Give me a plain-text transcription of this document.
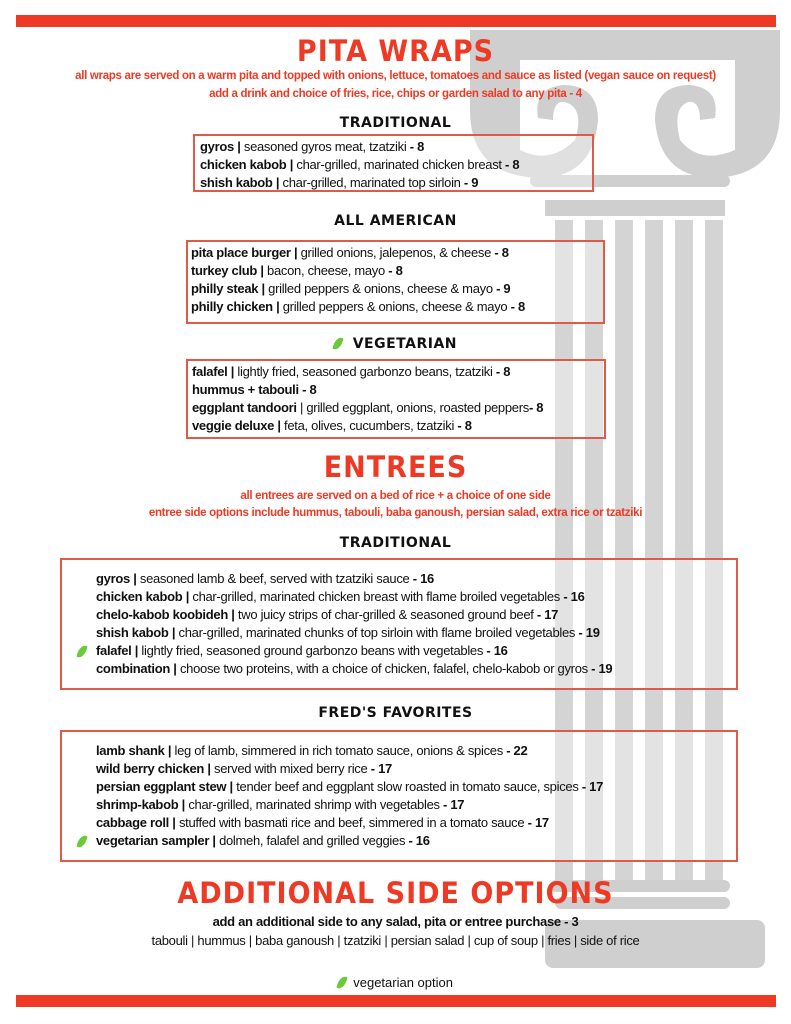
PITA WRAPS
all wraps are served on a warm pita and topped with onions, lettuce, tomatoes and sauce as listed (vegan sauce on request)
add a drink and choice of fries, rice, chips or garden salad to any pita - 4
TRADITIONAL
gyros | seasoned gyros meat, tzatziki - 8
chicken kabob | char-grilled, marinated chicken breast - 8
shish kabob | char-grilled, marinated top sirloin - 9
ALL AMERICAN
pita place burger | grilled onions, jalepenos, & cheese - 8
turkey club | bacon, cheese, mayo - 8
philly steak | grilled peppers & onions, cheese & mayo - 9
philly chicken | grilled peppers & onions, cheese & mayo - 8
VEGETARIAN
falafel | lightly fried, seasoned garbonzo beans, tzatziki - 8
hummus + tabouli - 8
eggplant tandoori | grilled eggplant, onions, roasted peppers- 8
veggie deluxe | feta, olives, cucumbers, tzatziki - 8
ENTREES
all entrees are served on a bed of rice + a choice of one side
entree side options include hummus, tabouli, baba ganoush, persian salad, extra rice or tzatziki
TRADITIONAL
gyros | seasoned lamb & beef, served with tzatziki sauce - 16
chicken kabob | char-grilled, marinated chicken breast with flame broiled vegetables - 16
chelo-kabob koobideh | two juicy strips of char-grilled & seasoned ground beef - 17
shish kabob | char-grilled, marinated chunks of top sirloin with flame broiled vegetables - 19
falafel | lightly fried, seasoned ground garbonzo beans with vegetables - 16
combination | choose two proteins, with a choice of chicken, falafel, chelo-kabob or gyros - 19
FRED'S FAVORITES
lamb shank | leg of lamb, simmered in rich tomato sauce, onions & spices - 22
wild berry chicken | served with mixed berry rice - 17
persian eggplant stew | tender beef and eggplant slow roasted in tomato sauce, spices - 17
shrimp-kabob | char-grilled, marinated shrimp with vegetables - 17
cabbage roll | stuffed with basmati rice and beef, simmered in a tomato sauce - 17
vegetarian sampler | dolmeh, falafel and grilled veggies - 16
ADDITIONAL SIDE OPTIONS
add an additional side to any salad, pita or entree purchase - 3
tabouli | hummus | baba ganoush | tzatziki | persian salad | cup of soup | fries | side of rice
vegetarian option
